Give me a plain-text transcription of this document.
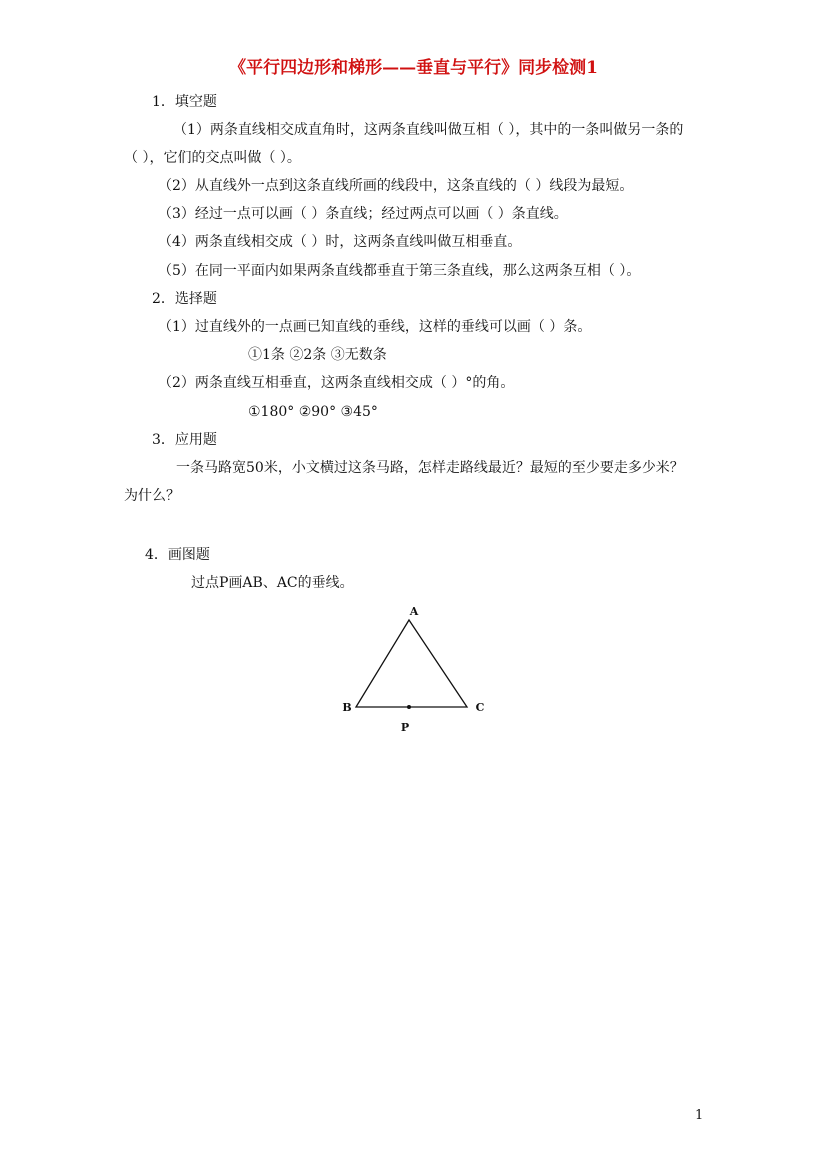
《平行四边形和梯形——垂直与平行》同步检测1
1．填空题
（1）两条直线相交成直角时，这两条直线叫做互相（ ），其中的一条叫做另一条的
（ ），它们的交点叫做（ ）。
（2）从直线外一点到这条直线所画的线段中，这条直线的（ ）线段为最短。
（3）经过一点可以画（ ）条直线；经过两点可以画（ ）条直线。
（4）两条直线相交成（ ）时，这两条直线叫做互相垂直。
（5）在同一平面内如果两条直线都垂直于第三条直线，那么这两条互相（ ）。
2．选择题
（1）过直线外的一点画已知直线的垂线，这样的垂线可以画（ ）条。
①1条 ②2条 ③无数条
（2）两条直线互相垂直，这两条直线相交成（ ）°的角。
①180° ②90° ③45°
3．应用题
一条马路宽50米，小文横过这条马路，怎样走路线最近？最短的至少要走多少米？
为什么？
4．画图题
过点P画AB、AC的垂线。
A
B	C
P
1
